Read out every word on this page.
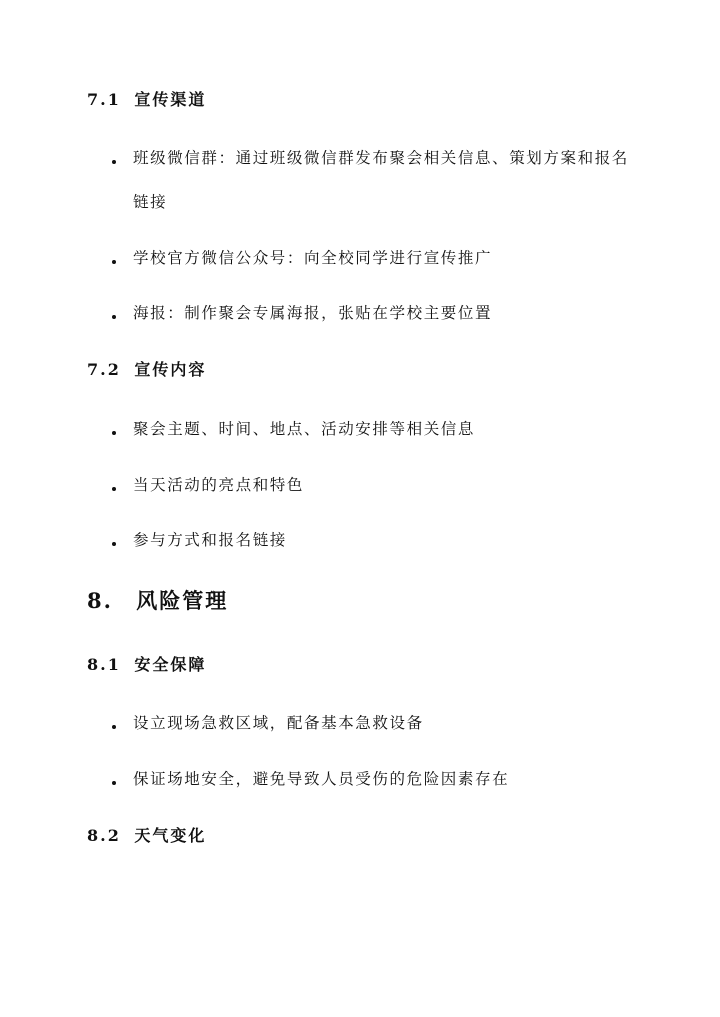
7.1 宣传渠道
班级微信群：通过班级微信群发布聚会相关信息、策划方案和报名链接
学校官方微信公众号：向全校同学进行宣传推广
海报：制作聚会专属海报，张贴在学校主要位置
7.2 宣传内容
聚会主题、时间、地点、活动安排等相关信息
当天活动的亮点和特色
参与方式和报名链接
8. 风险管理
8.1 安全保障
设立现场急救区域，配备基本急救设备
保证场地安全，避免导致人员受伤的危险因素存在
8.2 天气变化
